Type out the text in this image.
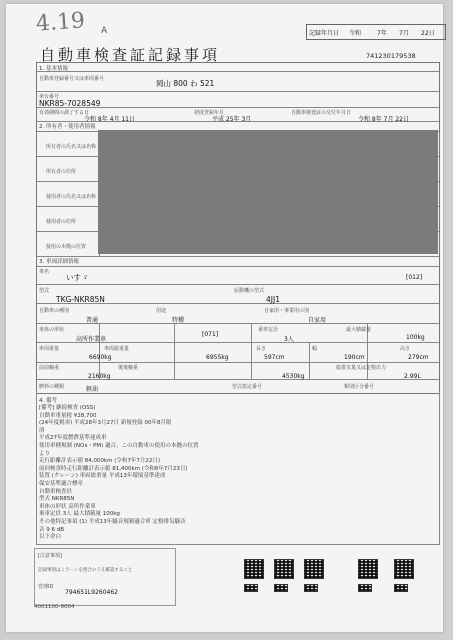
4.19 A	記録年月日 令和	7年 7月 22日
自動車検査証記録事項	741230179538
1. 基本情報
自動車登録番号又は車両番号	岡山 800 わ 521
車台番号
NKR85-7028549
有効期間の満了する日
令和 8年 4月 11日
初度登録年月
平成 25年 3月
自動車検査証の交付年月日
令和 8年 7月 22日
2. 所有者・使用者情報
所有者の氏名又は名称
所有者の住所
使用者の氏名又は名称
使用者の住所
使用の本拠の位置
3. 車両詳細情報
車名
いすゞ	[012]
型式
TKG-NKR85N
原動機の型式
4JJ1
自動車の種別
普通
用途
特種
自家用・事業用の別
自家用
車体の形状
高所作業車
[071]
乗車定員
3人
最大積載量
100kg
車両重量
6690kg
車両総重量
6955kg
長さ
597cm
幅
190cm
高さ
279cm
前前軸重
2160kg
後後軸重
4530kg
総排気量又は定格出力
2.99L
燃料の種類	軽油	型式指定番号	類別区分番号
4. 備考
[備考] 継続検査 (OSS)
自動車重量税 ¥28,700
(24年度税率) 平成28年3月27日 新規登録 00年8月限
済
平成27年度燃費基準達成車
使用車種規制 (NOx・PM) 適合。この自動車の使用の本拠の位置
より
走行距離計表示値 84,000km (令和7年7月22日)
前回検査時走行距離計表示値 81,400km (令和6年7月23日)
装置 (クレーン) 車両総重量 平成13年環境基準達成
保安基準適合標章
自動車検査員
型式 NKR85N
車体の形状 高所作業車
乗車定員 3人 最大積載量 100kg
その他特記事項 (1) 平成13年騒音規制適合車 定格排気騒音
音 9 6 dB
以下余白
[注意事項]
記録事項はミラーンを照合のうえ確認すること
管理ID
794651L9260462
4001100-9004
